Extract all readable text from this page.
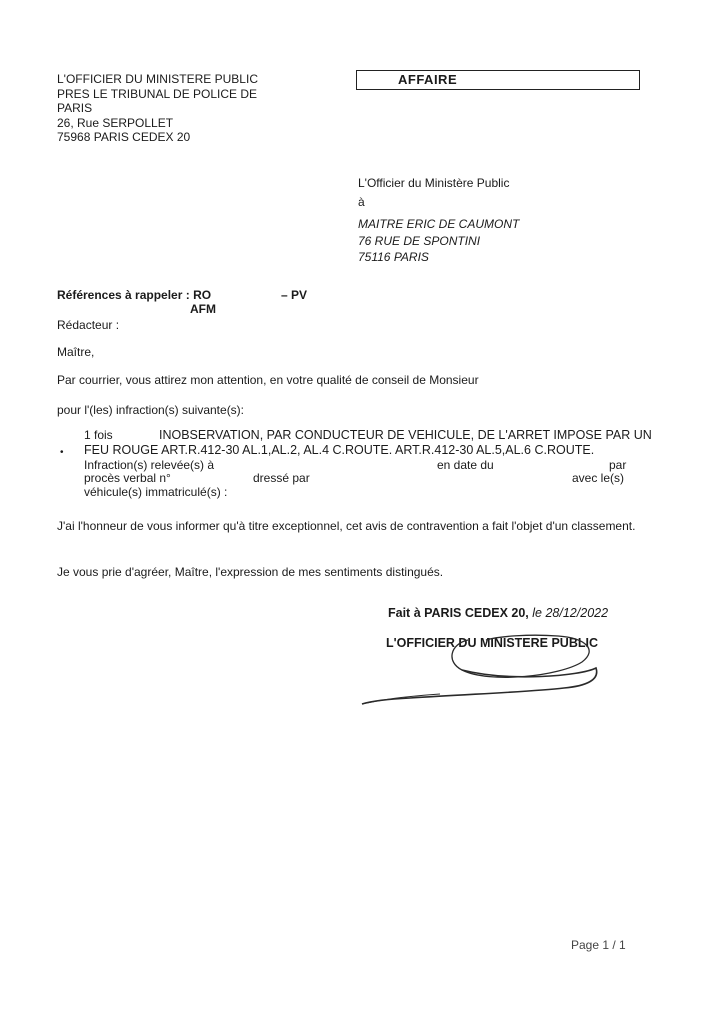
L'OFFICIER DU MINISTERE PUBLIC
PRES LE TRIBUNAL DE POLICE DE
PARIS
26, Rue SERPOLLET
75968 PARIS CEDEX 20
AFFAIRE
L'Officier du Ministère Public
à
MAITRE ERIC DE CAUMONT
76 RUE DE SPONTINI
75116 PARIS
Références à rappeler : RO	– PV
AFM
Rédacteur :
Maître,
Par courrier, vous attirez mon attention, en votre qualité de conseil de Monsieur
pour l'(les) infraction(s) suivante(s):
•
1 fois	INOBSERVATION, PAR CONDUCTEUR DE VEHICULE, DE L'ARRET IMPOSE PAR UN
FEU ROUGE ART.R.412-30 AL.1,AL.2, AL.4 C.ROUTE. ART.R.412-30 AL.5,AL.6 C.ROUTE.
Infraction(s) relevée(s) à	en date du	par
procès verbal n°	dressé par	avec le(s)
véhicule(s) immatriculé(s) :
J'ai l'honneur de vous informer qu'à titre exceptionnel, cet avis de contravention a fait l'objet d'un classement.
Je vous prie d'agréer, Maître, l'expression de mes sentiments distingués.
Fait à PARIS CEDEX 20, le 28/12/2022
L'OFFICIER DU MINISTERE PUBLIC
Page 1 / 1
